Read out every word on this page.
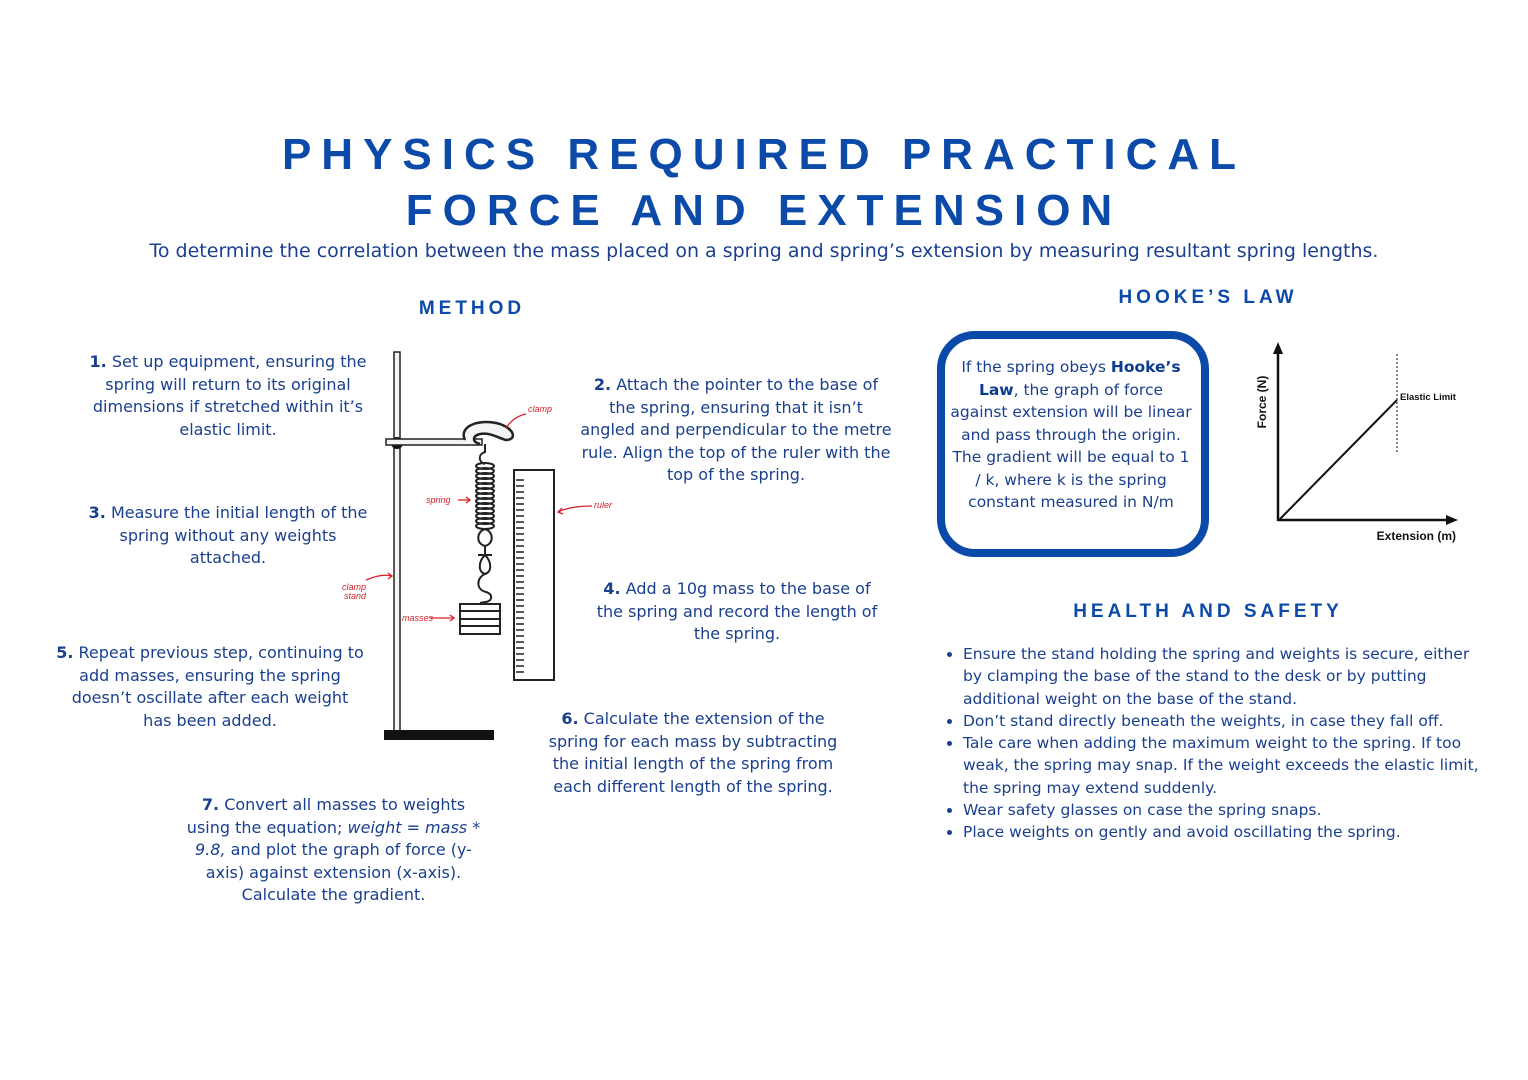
PHYSICS REQUIRED PRACTICAL
FORCE AND EXTENSION
To determine the correlation between the mass placed on a spring and spring’s extension by measuring resultant spring lengths.
METHOD
1. Set up equipment, ensuring the spring will return to its original dimensions if stretched within it’s elastic limit.
3. Measure the initial length of the spring without any weights attached.
5. Repeat previous step, continuing to add masses, ensuring the spring doesn’t oscillate after each weight has been added.
7. Convert all masses to weights using the equation; weight = mass * 9.8, and plot the graph of force (y-axis) against extension (x-axis). Calculate the gradient.
2. Attach the pointer to the base of the spring, ensuring that it isn’t angled and perpendicular to the metre rule. Align the top of the ruler with the top of the spring.
4. Add a 10g mass to the base of the spring and record the length of the spring.
6. Calculate the extension of the spring for each mass by subtracting the initial length of the spring from each different length of the spring.
clamp
spring	ruler
clamp
stand
masses
HOOKE’S LAW
If the spring obeys Hooke’s Law, the graph of force against extension will be linear and pass through the origin. The gradient will be equal to 1 / k, where k is the spring constant measured in N/m
Elastic Limit
Extension (m)
Force (N)
HEALTH AND SAFETY
• Ensure the stand holding the spring and weights is secure, either by clamping the base of the stand to the desk or by putting additional weight on the base of the stand.
• Don’t stand directly beneath the weights, in case they fall off.
• Tale care when adding the maximum weight to the spring. If too weak, the spring may snap. If the weight exceeds the elastic limit, the spring may extend suddenly.
• Wear safety glasses on case the spring snaps.
• Place weights on gently and avoid oscillating the spring.
